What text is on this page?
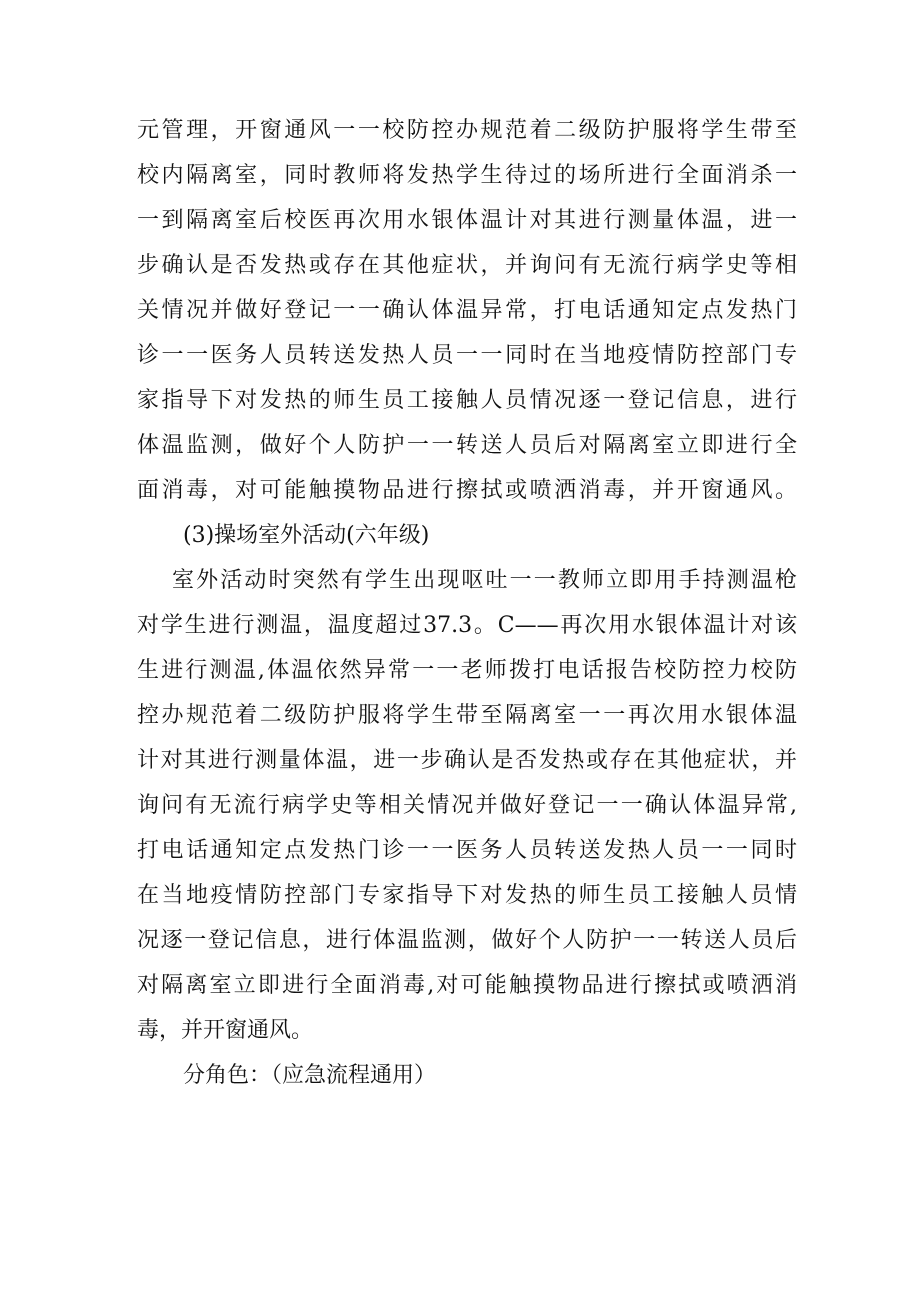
元管理，开窗通风一一校防控办规范着二级防护服将学生带至
校内隔离室，同时教师将发热学生待过的场所进行全面消杀一
一到隔离室后校医再次用水银体温计对其进行测量体温，进一
步确认是否发热或存在其他症状，并询问有无流行病学史等相
关情况并做好登记一一确认体温异常，打电话通知定点发热门
诊一一医务人员转送发热人员一一同时在当地疫情防控部门专
家指导下对发热的师生员工接触人员情况逐一登记信息，进行
体温监测，做好个人防护一一转送人员后对隔离室立即进行全
面消毒，对可能触摸物品进行擦拭或喷洒消毒，并开窗通风。
(3)操场室外活动(六年级)
室外活动时突然有学生出现呕吐一一教师立即用手持测温枪
对学生进行测温，温度超过37.3。C——再次用水银体温计对该
生进行测温,体温依然异常一一老师拨打电话报告校防控力校防
控办规范着二级防护服将学生带至隔离室一一再次用水银体温
计对其进行测量体温，进一步确认是否发热或存在其他症状，并
询问有无流行病学史等相关情况并做好登记一一确认体温异常,
打电话通知定点发热门诊一一医务人员转送发热人员一一同时
在当地疫情防控部门专家指导下对发热的师生员工接触人员情
况逐一登记信息，进行体温监测，做好个人防护一一转送人员后
对隔离室立即进行全面消毒,对可能触摸物品进行擦拭或喷洒消
毒，并开窗通风。
分角色：（应急流程通用）
